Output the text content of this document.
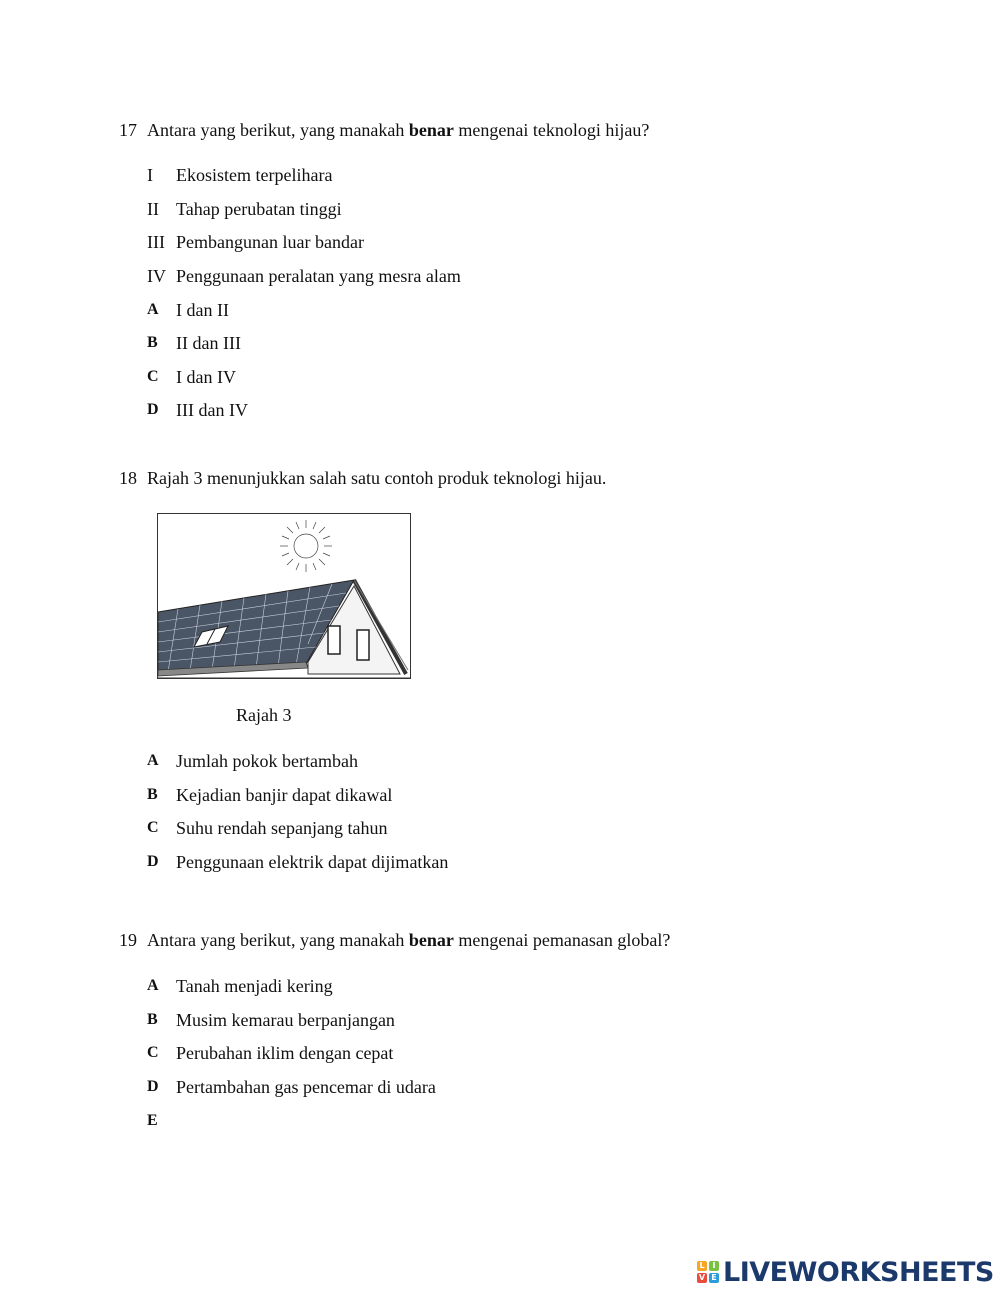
17 Antara yang berikut, yang manakah benar mengenai teknologi hijau?
I Ekosistem terpelihara
II Tahap perubatan tinggi
III Pembangunan luar bandar
IV Penggunaan peralatan yang mesra alam
A I dan II
B II dan III
C I dan IV
D III dan IV
18 Rajah 3 menunjukkan salah satu contoh produk teknologi hijau.
Rajah 3
A Jumlah pokok bertambah
B Kejadian banjir dapat dikawal
C Suhu rendah sepanjang tahun
D Penggunaan elektrik dapat dijimatkan
19 Antara yang berikut, yang manakah benar mengenai pemanasan global?
A Tanah menjadi kering
B Musim kemarau berpanjangan
C Perubahan iklim dengan cepat
D Pertambahan gas pencemar di udara
E
L I
V E LIVEWORKSHEETS
